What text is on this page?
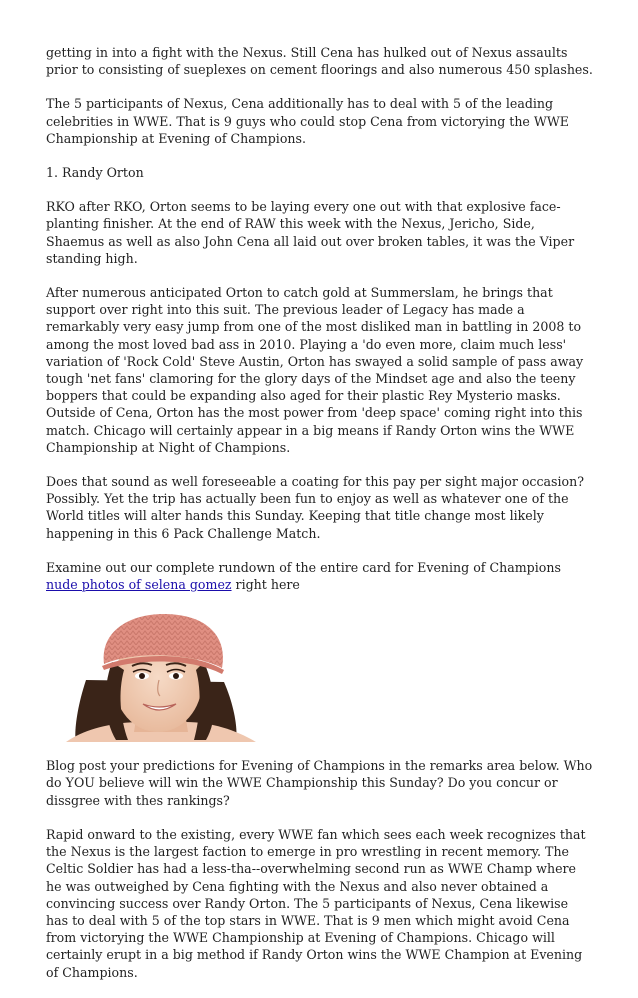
getting in into a fight with the Nexus. Still Cena has hulked out of Nexus assaults prior to consisting of sueplexes on cement floorings and also numerous 450 splashes.

The 5 participants of Nexus, Cena additionally has to deal with 5 of the leading celebrities in WWE. That is 9 guys who could stop Cena from victorying the WWE Championship at Evening of Champions.

1. Randy Orton

RKO after RKO, Orton seems to be laying every one out with that explosive face-planting finisher. At the end of RAW this week with the Nexus, Jericho, Side, Shaemus as well as also John Cena all laid out over broken tables, it was the Viper standing high.

After numerous anticipated Orton to catch gold at Summerslam, he brings that support over right into this suit. The previous leader of Legacy has made a remarkably very easy jump from one of the most disliked man in battling in 2008 to among the most loved bad ass in 2010. Playing a 'do even more, claim much less' variation of 'Rock Cold' Steve Austin, Orton has swayed a solid sample of pass away tough 'net fans' clamoring for the glory days of the Mindset age and also the teeny boppers that could be expanding also aged for their plastic Rey Mysterio masks. Outside of Cena, Orton has the most power from 'deep space' coming right into this match. Chicago will certainly appear in a big means if Randy Orton wins the WWE Championship at Night of Champions.

Does that sound as well foreseeable a coating for this pay per sight major occasion? Possibly. Yet the trip has actually been fun to enjoy as well as whatever one of the World titles will alter hands this Sunday. Keeping that title change most likely happening in this 6 Pack Challenge Match.

Examine out our complete rundown of the entire card for Evening of Champions nude photos of selena gomez right here

Blog post your predictions for Evening of Champions in the remarks area below. Who do YOU believe will win the WWE Championship this Sunday? Do you concur or dissgree with thes rankings?

Rapid onward to the existing, every WWE fan which sees each week recognizes that the Nexus is the largest faction to emerge in pro wrestling in recent memory. The Celtic Soldier has had a less-tha--overwhelming second run as WWE Champ where he was outweighed by Cena fighting with the Nexus and also never obtained a convincing success over Randy Orton. The 5 participants of Nexus, Cena likewise has to deal with 5 of the top stars in WWE. That is 9 men which might avoid Cena from victorying the WWE Championship at Evening of Champions. Chicago will certainly erupt in a big method if Randy Orton wins the WWE Champion at Evening of Champions.
